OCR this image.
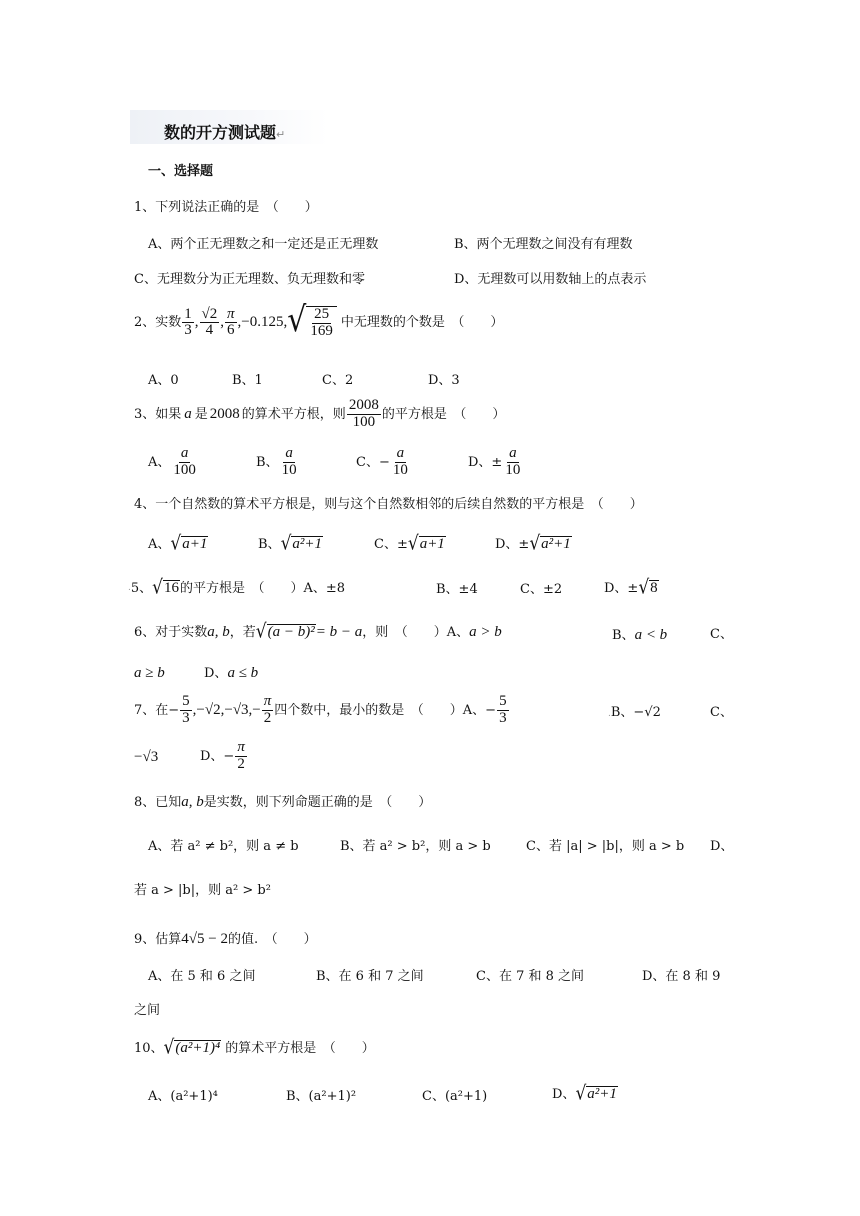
数的开方测试题↵
一、选择题
1、下列说法正确的是　（　　）
A、两个正无理数之和一定还是正无理数	B、两个无理数之间没有有理数
C、无理数分为正无理数、负无理数和零	D、无理数可以用数轴上的点表示
2、实数 $\frac{1}{3}$ , $\frac{√2}{4}$ , $\frac{\pi}{6} ,-0.125$, √ $\frac{25}{169}$ 中无理数的个数是　（　　）
A、0	B、1	C、2	D、3
3、如果 a 是 2008 的算术平方根，则 $\frac{2008}{100}$ 的平方根是　（　　）
A、 $\frac{a}{100}$	B、 $\frac{a}{10}$	C、− $\frac{a}{10}$	D、± $\frac{a}{10}$
4、一个自然数的算术平方根是，则与这个自然数相邻的后续自然数的平方根是　（　　）
A、 √ a+1	B、 √ a²+1	C、± √ a+1	D、± √ a²+1
. 5、 √ 16 的平方根是　（　　）A、±8	B、±4	C、±2	D、± √ 8
6、对于实数 a, b ，若 √ (a − b)² = b − a ，则　（　　）A、 a > b	B、a < b	C、
a ≥ b	D、a ≤ b
7、在− $\frac{5}{3} ,-√2,-√3,- \frac{\pi}{2}$ 四个数中，最小的数是　（　　）A、− $\frac{5}{3}$	.B、−√2	C、
−√3	D、− $\frac{\pi}{2}$
8、已知a, b是实数，则下列命题正确的是　（　　）
A、若 a² ≠ b²，则 a ≠ b	B、若 a² > b²，则 a > b	C、若 |a| > |b|，则 a > b D、
若 a > |b|，则 a² > b²
9、估算4√5 − 2的值.　（　　）
A、在 5 和 6 之间	B、在 6 和 7 之间	C、在 7 和 8 之间	D、在 8 和 9
之间
10、 √ (a²+1)⁴ 的算术平方根是　（　　）
A、(a²+1)⁴	B、(a²+1)²	C、(a²+1)	D、 √ a²+1
